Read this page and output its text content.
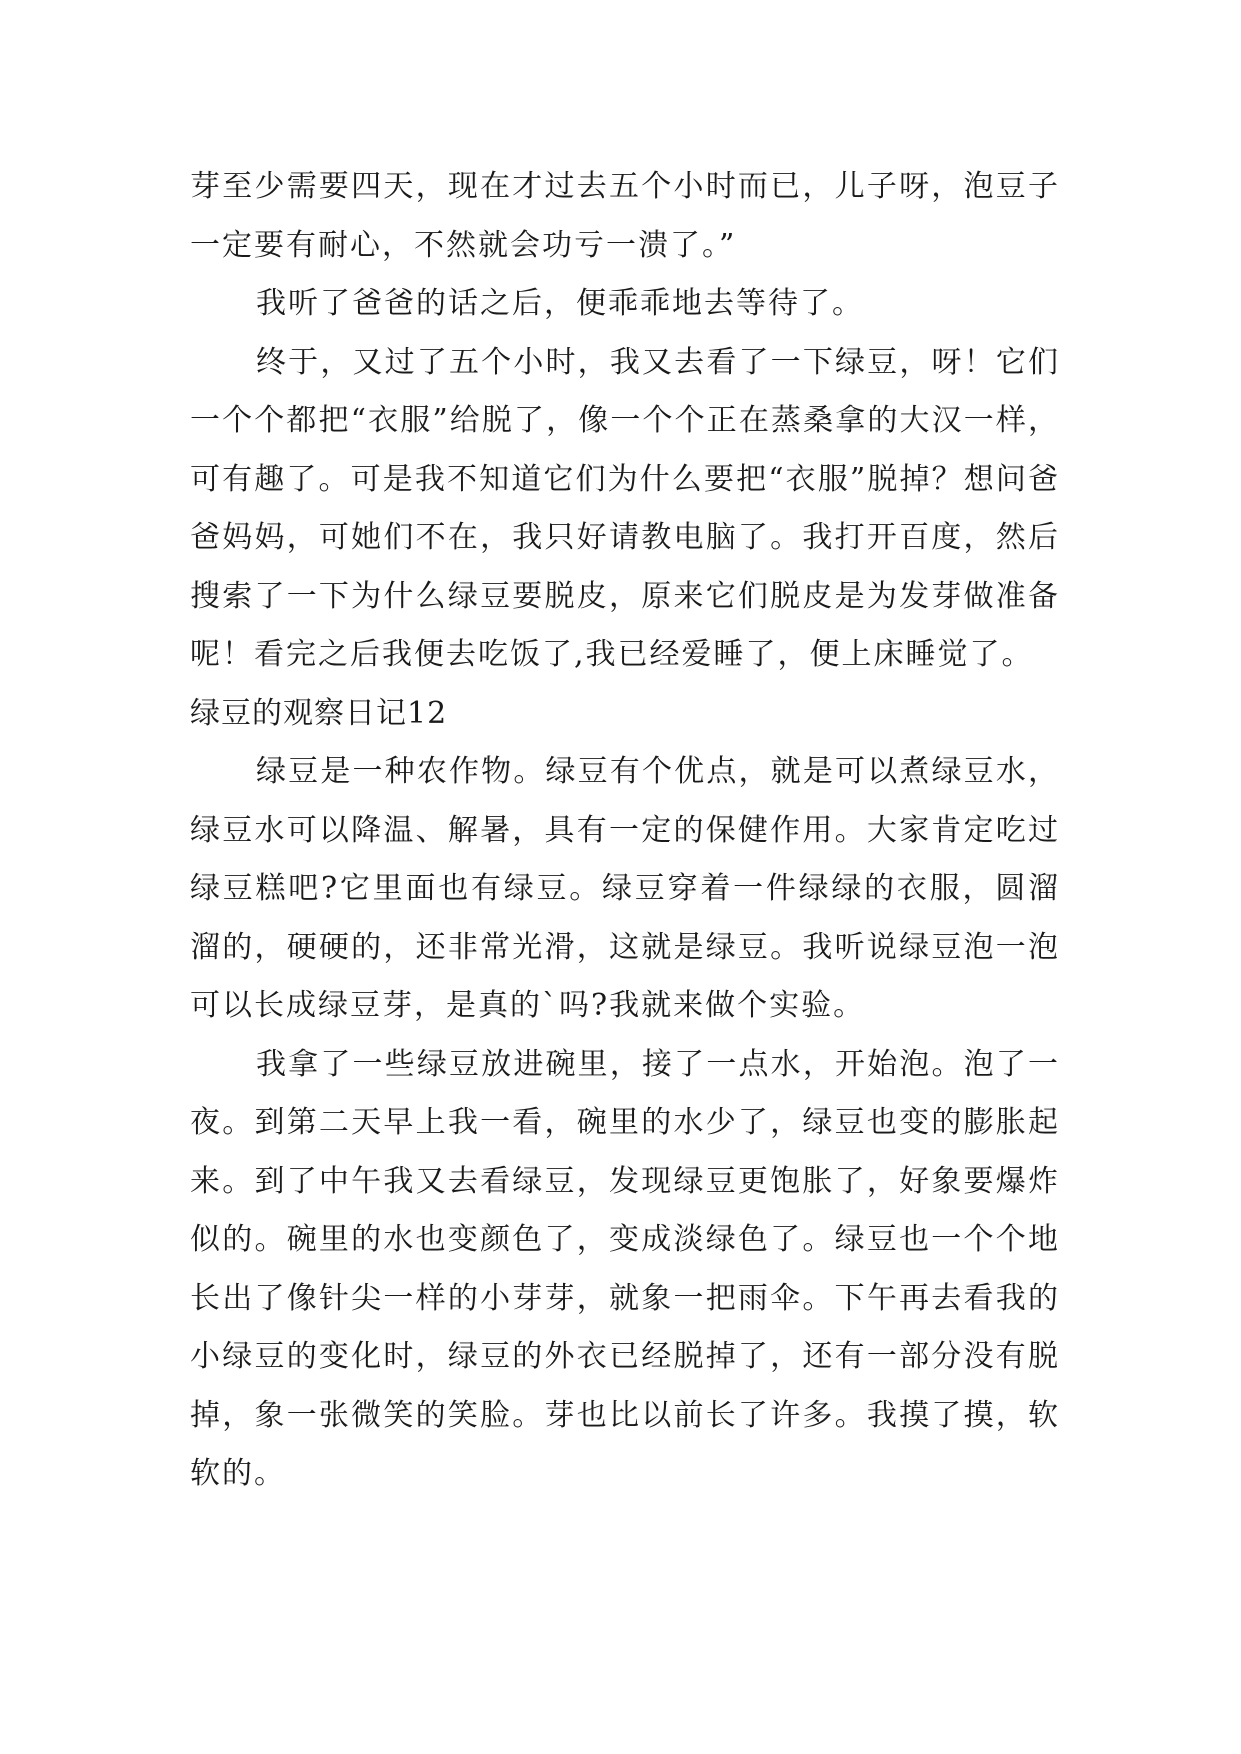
芽至少需要四天，现在才过去五个小时而已，儿子呀，泡豆子一定要有耐心，不然就会功亏一溃了。”

我听了爸爸的话之后，便乖乖地去等待了。

终于，又过了五个小时，我又去看了一下绿豆，呀！它们一个个都把“衣服”给脱了，像一个个正在蒸桑拿的大汉一样，可有趣了。可是我不知道它们为什么要把“衣服”脱掉？想问爸爸妈妈，可她们不在，我只好请教电脑了。我打开百度，然后搜索了一下为什么绿豆要脱皮，原来它们脱皮是为发芽做准备呢！看完之后我便去吃饭了,我已经爱睡了，便上床睡觉了。

绿豆的观察日记12

绿豆是一种农作物。绿豆有个优点，就是可以煮绿豆水，绿豆水可以降温、解暑，具有一定的保健作用。大家肯定吃过绿豆糕吧?它里面也有绿豆。绿豆穿着一件绿绿的衣服，圆溜溜的，硬硬的，还非常光滑，这就是绿豆。我听说绿豆泡一泡可以长成绿豆芽，是真的`吗?我就来做个实验。

我拿了一些绿豆放进碗里，接了一点水，开始泡。泡了一夜。到第二天早上我一看，碗里的水少了，绿豆也变的膨胀起来。到了中午我又去看绿豆，发现绿豆更饱胀了，好象要爆炸似的。碗里的水也变颜色了，变成淡绿色了。绿豆也一个个地长出了像针尖一样的小芽芽，就象一把雨伞。下午再去看我的小绿豆的变化时，绿豆的外衣已经脱掉了，还有一部分没有脱掉，象一张微笑的笑脸。芽也比以前长了许多。我摸了摸，软软的。
